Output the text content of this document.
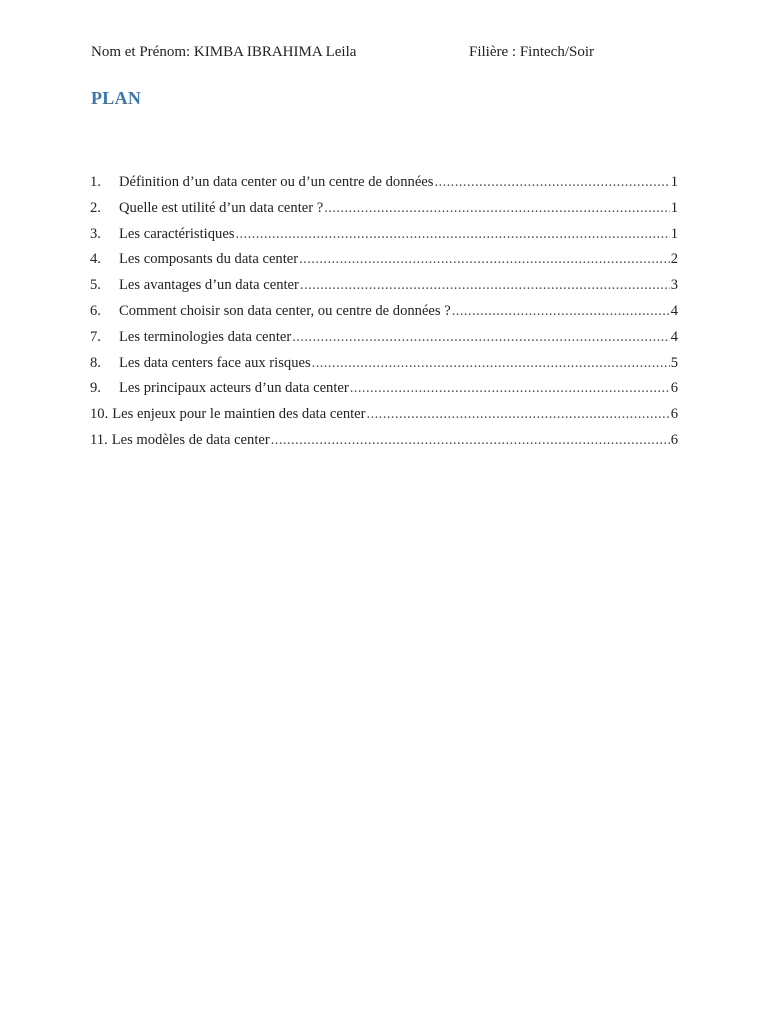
Nom et Prénom: KIMBA IBRAHIMA Leila	Filière : Fintech/Soir
PLAN
1.	Définition d’un data center ou d’un centre de données .....	1
2.	Quelle est utilité d’un data center ? .....	1
3.	Les caractéristiques .....	1
4.	Les composants du data center .....	2
5.	Les avantages d’un data center .....	3
6.	Comment choisir son data center, ou centre de données ? .....	4
7.	Les terminologies data center .....	4
8.	Les data centers face aux risques .....	5
9.	Les principaux acteurs d’un data center .....	6
10. Les enjeux pour le maintien des data center .....	6
11. Les modèles de data center .....	6
